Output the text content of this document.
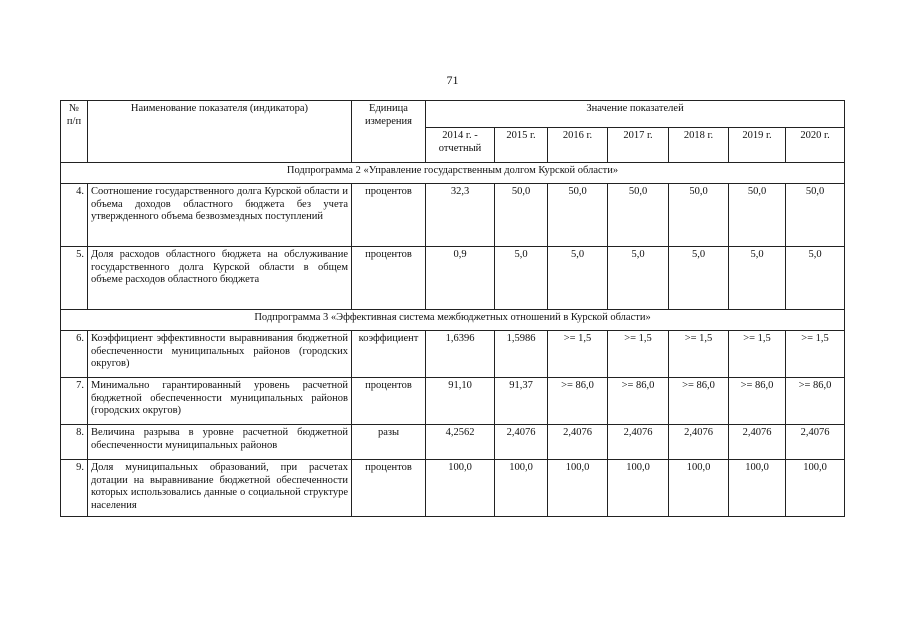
71
№ п/п	Наименование показателя (индикатора)	Единица измерения	Значение показателей						
			2014 г. - отчетный	2015 г.	2016 г.	2017 г.	2018 г.	2019 г.	2020 г.
Подпрограмма 2 «Управление государственным долгом Курской области»									
4.	Соотношение государственного долга Курской области и объема доходов областного бюджета без учета утвержденного объема безвозмездных поступлений	процентов	32,3	50,0	50,0	50,0	50,0	50,0	50,0
5.	Доля расходов областного бюджета на обслуживание государственного долга Курской области в общем объеме расходов областного бюджета	процентов	0,9	5,0	5,0	5,0	5,0	5,0	5,0
Подпрограмма 3 «Эффективная система межбюджетных отношений в Курской области»									
6.	Коэффициент эффективности выравнивания бюджетной обеспеченности муниципальных районов (городских округов)	коэффициент	1,6396	1,5986	>= 1,5	>= 1,5	>= 1,5	>= 1,5	>= 1,5
7.	Минимально гарантированный уровень расчетной бюджетной обеспеченности муниципальных районов (городских округов)	процентов	91,10	91,37	>= 86,0	>= 86,0	>= 86,0	>= 86,0	>= 86,0
8.	Величина разрыва в уровне расчетной бюджетной обеспеченности муниципальных районов	разы	4,2562	2,4076	2,4076	2,4076	2,4076	2,4076	2,4076
9.	Доля муниципальных образований, при расчетах дотации на выравнивание бюджетной обеспеченности которых использовались данные о социальной структуре населения	процентов	100,0	100,0	100,0	100,0	100,0	100,0	100,0
